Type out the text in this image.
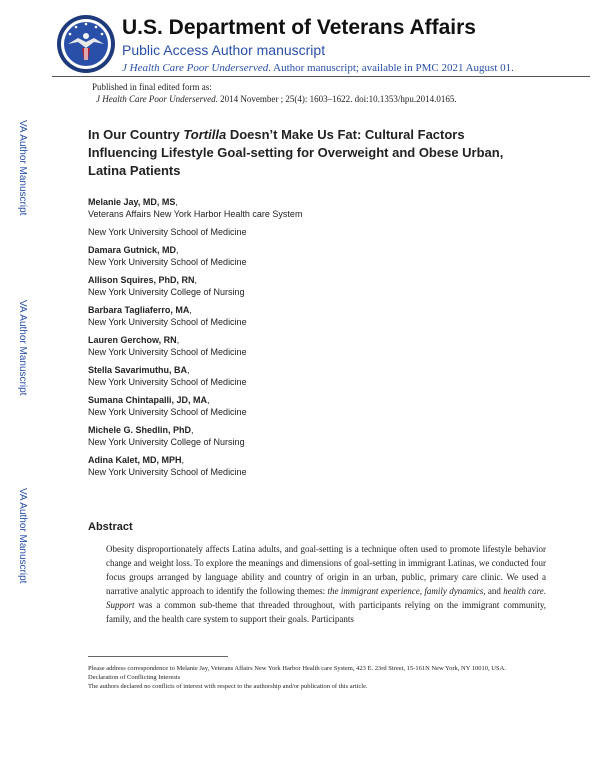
U.S. Department of Veterans Affairs
Public Access Author manuscript
J Health Care Poor Underserved. Author manuscript; available in PMC 2021 August 01.
Published in final edited form as:
J Health Care Poor Underserved. 2014 November ; 25(4): 1603–1622. doi:10.1353/hpu.2014.0165.
VA Author Manuscript
VA Author Manuscript
VA Author Manuscript
In Our Country Tortilla Doesn’t Make Us Fat: Cultural Factors Influencing Lifestyle Goal-setting for Overweight and Obese Urban, Latina Patients
Melanie Jay, MD, MS,
Veterans Affairs New York Harbor Health care System
New York University School of Medicine
Damara Gutnick, MD,
New York University School of Medicine
Allison Squires, PhD, RN,
New York University College of Nursing
Barbara Tagliaferro, MA,
New York University School of Medicine
Lauren Gerchow, RN,
New York University School of Medicine
Stella Savarimuthu, BA,
New York University School of Medicine
Sumana Chintapalli, JD, MA,
New York University School of Medicine
Michele G. Shedlin, PhD,
New York University College of Nursing
Adina Kalet, MD, MPH,
New York University School of Medicine
Abstract
Obesity disproportionately affects Latina adults, and goal-setting is a technique often used to promote lifestyle behavior change and weight loss. To explore the meanings and dimensions of goal-setting in immigrant Latinas, we conducted four focus groups arranged by language ability and country of origin in an urban, public, primary care clinic. We used a narrative analytic approach to identify the following themes: the immigrant experience, family dynamics, and health care. Support was a common sub-theme that threaded throughout, with participants relying on the immigrant community, family, and the health care system to support their goals. Participants
Please address correspondence to Melanie Jay, Veterans Affairs New York Harbor Health care System, 423 E. 23rd Street, 15-161N New York, NY 10010, USA.
Declaration of Conflicting Interests
The authors declared no conflicts of interest with respect to the authorship and/or publication of this article.
